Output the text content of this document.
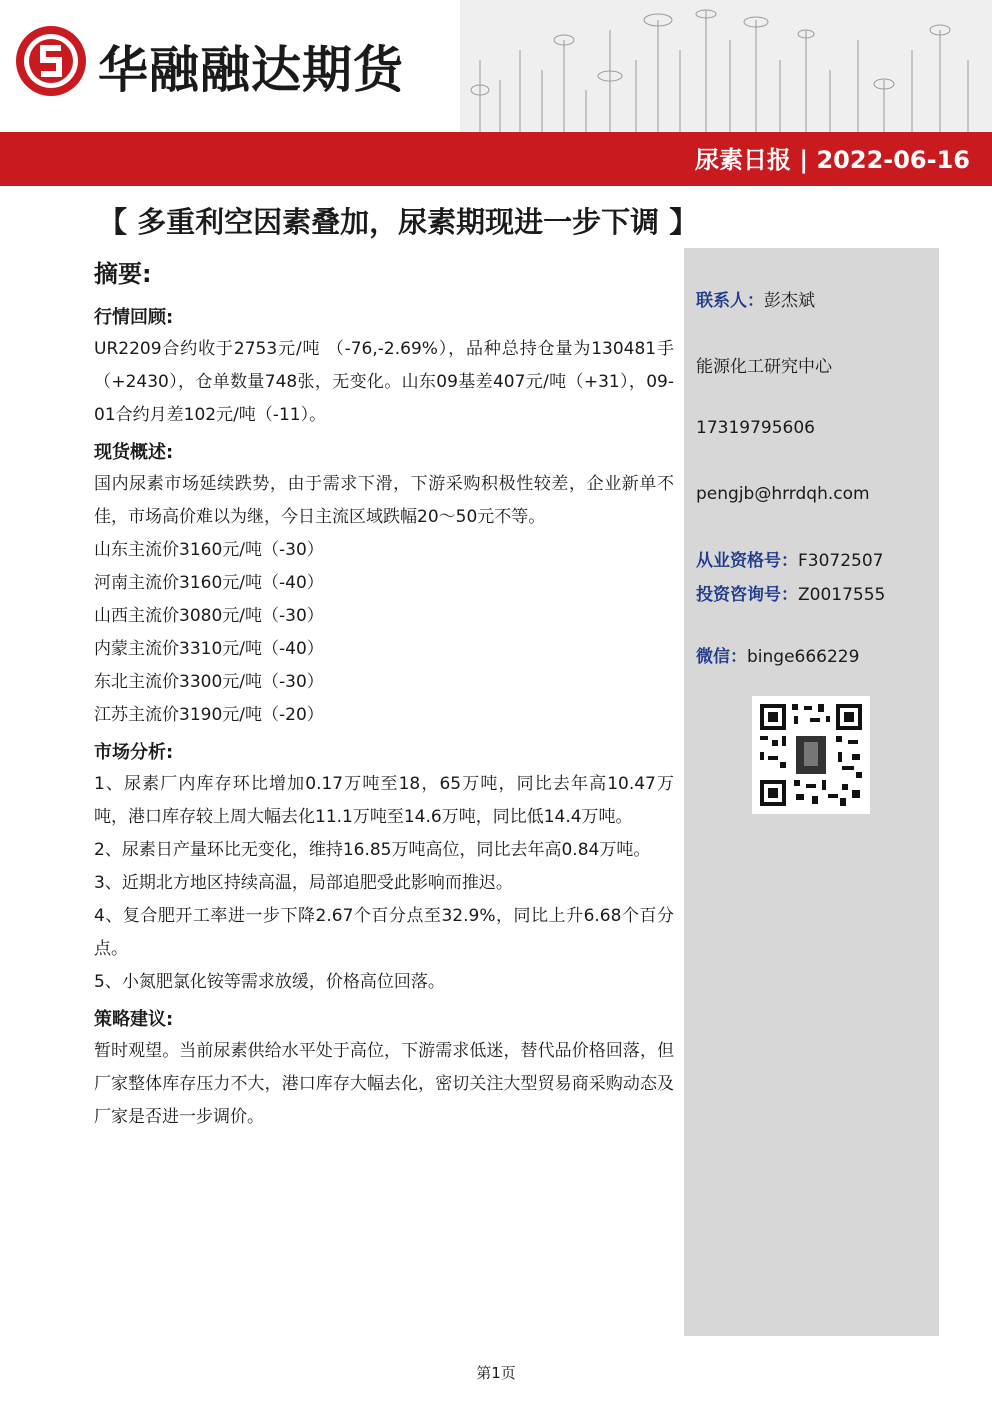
华融融达期货
尿素日报 | 2022-06-16
【 多重利空因素叠加，尿素期现进一步下调 】
摘要:
行情回顾:

UR2209合约收于2753元/吨 （-76,-2.69%），品种总持仓量为130481手（+2430），仓单数量748张，无变化。山东09基差407元/吨（+31），09-01合约月差102元/吨（-11）。

现货概述:

国内尿素市场延续跌势，由于需求下滑，下游采购积极性较差，企业新单不佳，市场高价难以为继，今日主流区域跌幅20～50元不等。

山东主流价3160元/吨（-30）

河南主流价3160元/吨（-40）

山西主流价3080元/吨（-30）

内蒙主流价3310元/吨（-40）

东北主流价3300元/吨（-30）

江苏主流价3190元/吨（-20）

市场分析:

1、尿素厂内库存环比增加0.17万吨至18，65万吨，同比去年高10.47万吨，港口库存较上周大幅去化11.1万吨至14.6万吨，同比低14.4万吨。

2、尿素日产量环比无变化，维持16.85万吨高位，同比去年高0.84万吨。

3、近期北方地区持续高温，局部追肥受此影响而推迟。

4、复合肥开工率进一步下降2.67个百分点至32.9%，同比上升6.68个百分点。

5、小氮肥氯化铵等需求放缓，价格高位回落。

策略建议:

暂时观望。当前尿素供给水平处于高位，下游需求低迷，替代品价格回落，但厂家整体库存压力不大，港口库存大幅去化，密切关注大型贸易商采购动态及厂家是否进一步调价。

联系人：彭杰斌
能源化工研究中心
17319795606
pengjb@hrrdqh.com
从业资格号：F3072507
投资咨询号：Z0017555
微信：binge666229
第1页
